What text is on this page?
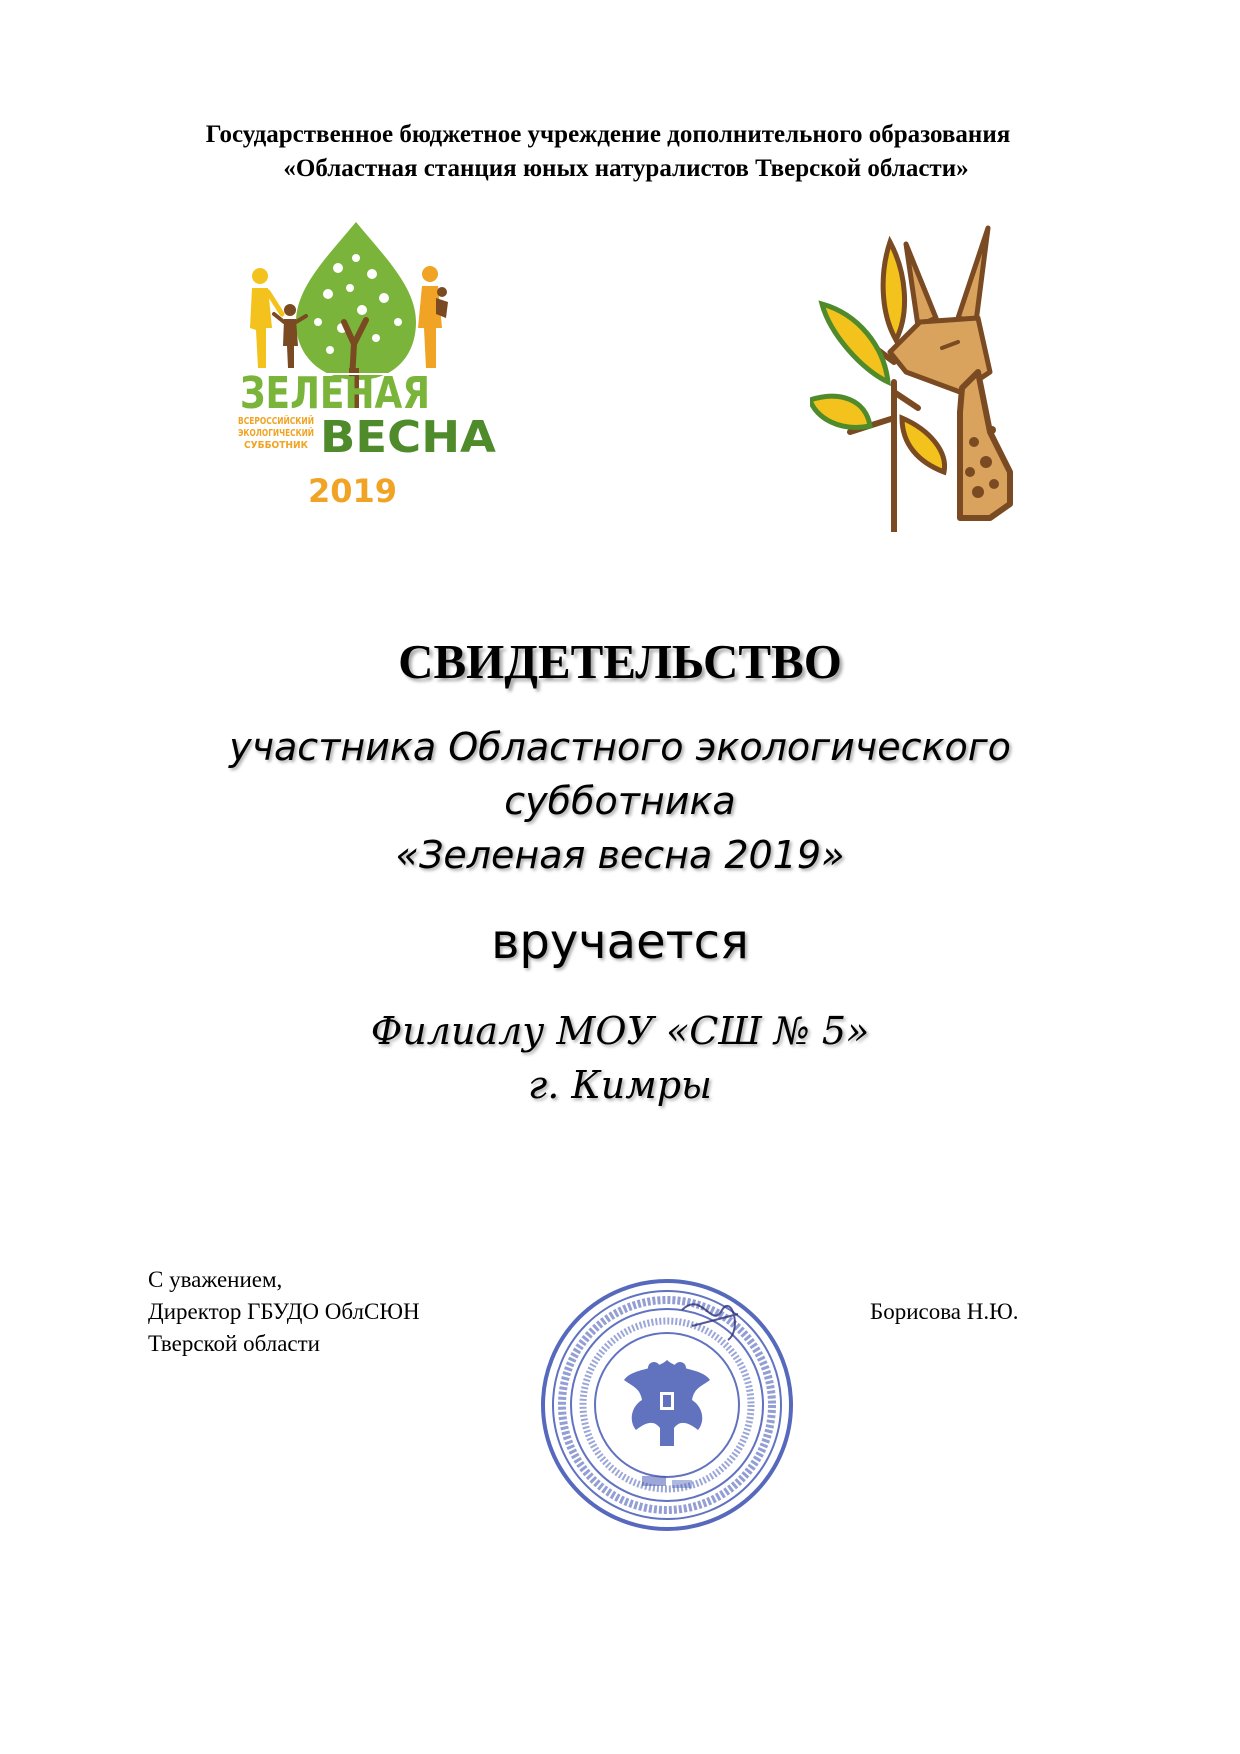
Государственное бюджетное учреждение дополнительного образования
«Областная станция юных натуралистов Тверской области»
ЗЕЛЕНАЯ
ВСЕРОССИЙСКИЙ
ЭКОЛОГИЧЕСКИЙ
СУББОТНИК ВЕСНА
2019
СВИДЕТЕЛЬСТВО
участника Областного экологического
субботника
«Зеленая весна 2019»
вручается
Филиалу МОУ «СШ № 5»
г. Кимры
С уважением,
Директор ГБУДО ОблСЮН
Тверской области
Борисова Н.Ю.
